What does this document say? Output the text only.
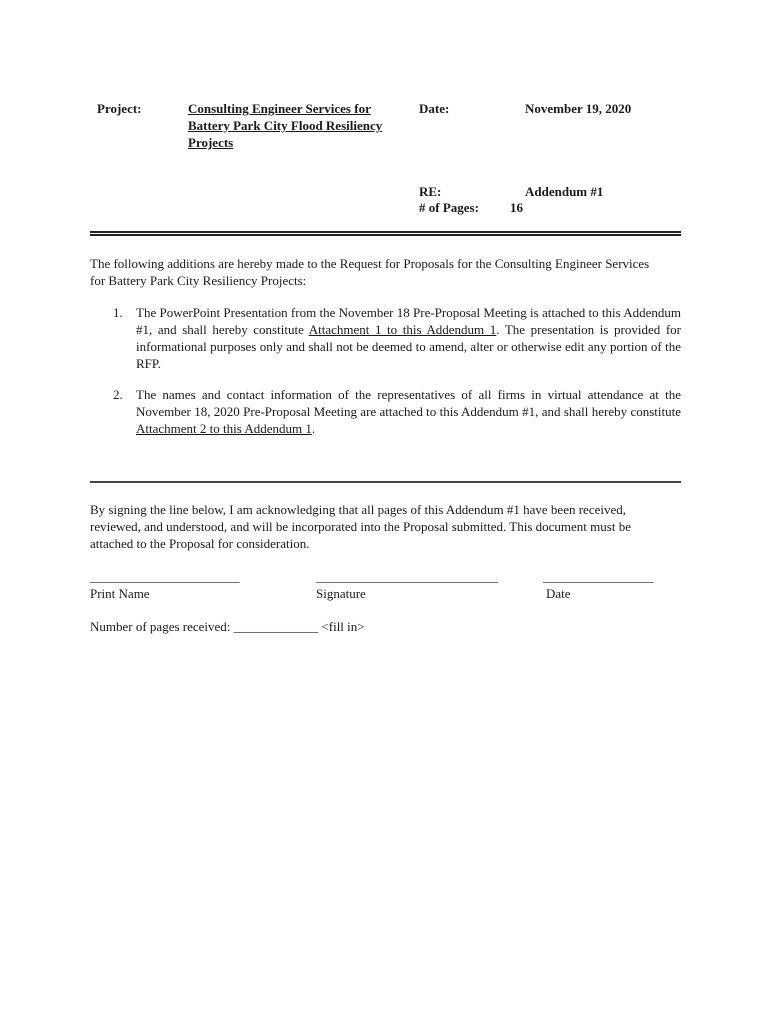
Project:	Consulting Engineer Services for
Battery Park City Flood Resiliency
Projects
Date:	November 19, 2020
RE:	Addendum #1
# of Pages: 16
The following additions are hereby made to the Request for Proposals for the Consulting Engineer Services
for Battery Park City Resiliency Projects:
1. The PowerPoint Presentation from the November 18 Pre-Proposal Meeting is attached to this Addendum #1, and shall hereby constitute Attachment 1 to this Addendum 1. The presentation is provided for informational purposes only and shall not be deemed to amend, alter or otherwise edit any portion of the RFP.
2. The names and contact information of the representatives of all firms in virtual attendance at the November 18, 2020 Pre-Proposal Meeting are attached to this Addendum #1, and shall hereby constitute Attachment 2 to this Addendum 1.
By signing the line below, I am acknowledging that all pages of this Addendum #1 have been received,
reviewed, and understood, and will be incorporated into the Proposal submitted. This document must be
attached to the Proposal for consideration.
_______________________	____________________________	_________________
Print Name	Signature	Date
Number of pages received: _____________ <fill in>
